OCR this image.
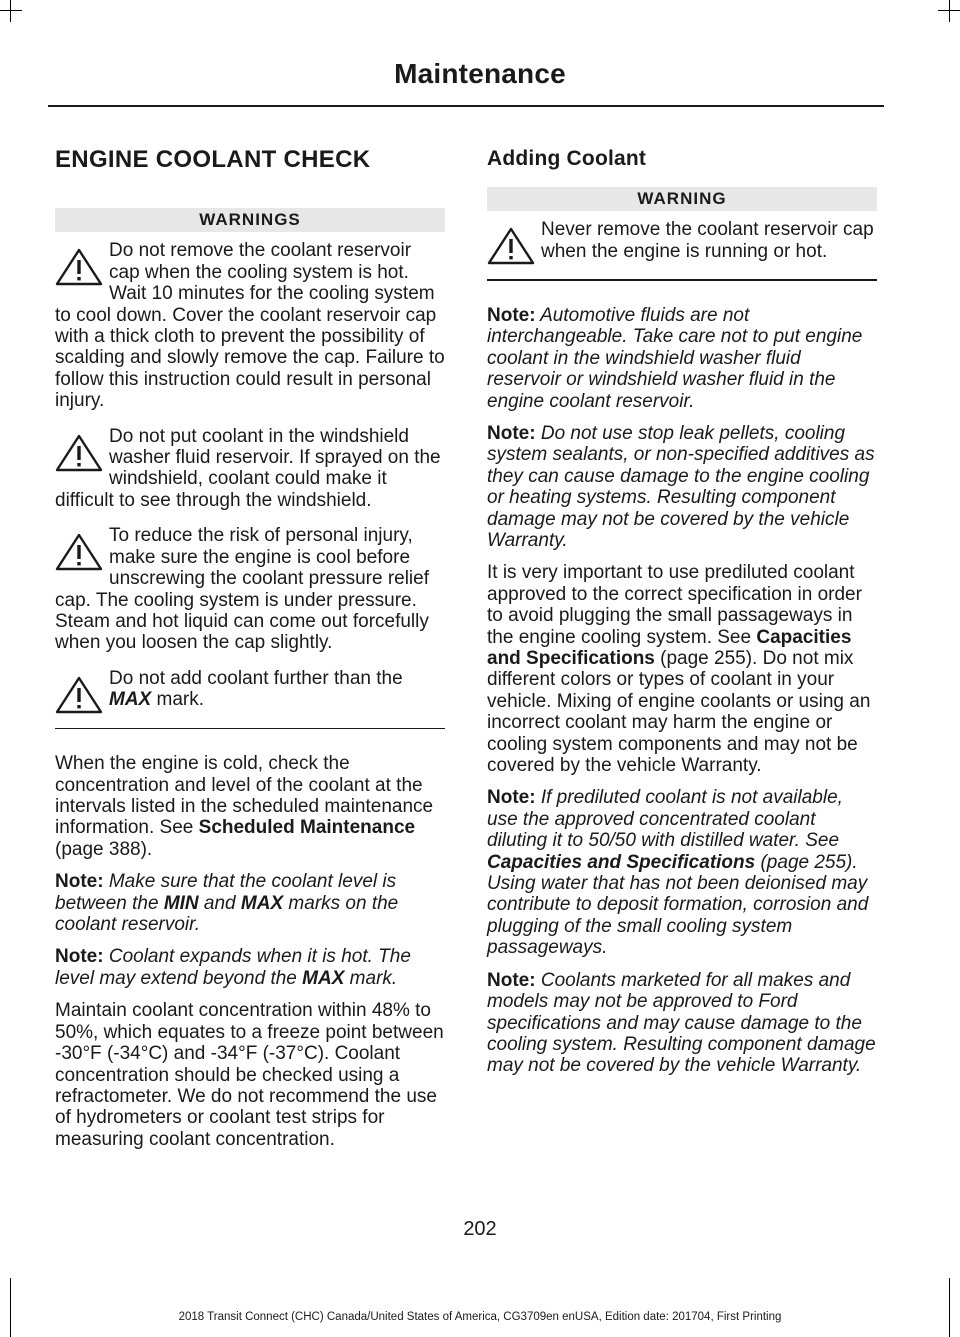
Maintenance
ENGINE COOLANT CHECK
WARNINGS
Do not remove the coolant reservoir cap when the cooling system is hot. Wait 10 minutes for the cooling system to cool down. Cover the coolant reservoir cap with a thick cloth to prevent the possibility of scalding and slowly remove the cap. Failure to follow this instruction could result in personal injury.
Do not put coolant in the windshield washer fluid reservoir. If sprayed on the windshield, coolant could make it difficult to see through the windshield.
To reduce the risk of personal injury, make sure the engine is cool before unscrewing the coolant pressure relief cap. The cooling system is under pressure. Steam and hot liquid can come out forcefully when you loosen the cap slightly.
Do not add coolant further than the MAX mark.

When the engine is cold, check the concentration and level of the coolant at the intervals listed in the scheduled maintenance information. See Scheduled Maintenance (page 388).

Note: Make sure that the coolant level is between the MIN and MAX marks on the coolant reservoir.

Note: Coolant expands when it is hot. The level may extend beyond the MAX mark.

Maintain coolant concentration within 48% to 50%, which equates to a freeze point between -30°F (-34°C) and -34°F (-37°C). Coolant concentration should be checked using a refractometer. We do not recommend the use of hydrometers or coolant test strips for measuring coolant concentration.

Adding Coolant
WARNING
Never remove the coolant reservoir cap when the engine is running or hot.

Note: Automotive fluids are not interchangeable. Take care not to put engine coolant in the windshield washer fluid reservoir or windshield washer fluid in the engine coolant reservoir.

Note: Do not use stop leak pellets, cooling system sealants, or non-specified additives as they can cause damage to the engine cooling or heating systems. Resulting component damage may not be covered by the vehicle Warranty.

It is very important to use prediluted coolant approved to the correct specification in order to avoid plugging the small passageways in the engine cooling system. See Capacities and Specifications (page 255). Do not mix different colors or types of coolant in your vehicle. Mixing of engine coolants or using an incorrect coolant may harm the engine or cooling system components and may not be covered by the vehicle Warranty.

Note: If prediluted coolant is not available, use the approved concentrated coolant diluting it to 50/50 with distilled water. See Capacities and Specifications (page 255). Using water that has not been deionised may contribute to deposit formation, corrosion and plugging of the small cooling system passageways.

Note: Coolants marketed for all makes and models may not be approved to Ford specifications and may cause damage to the cooling system. Resulting component damage may not be covered by the vehicle Warranty.

202
2018 Transit Connect (CHC) Canada/United States of America, CG3709en enUSA, Edition date: 201704, First Printing
